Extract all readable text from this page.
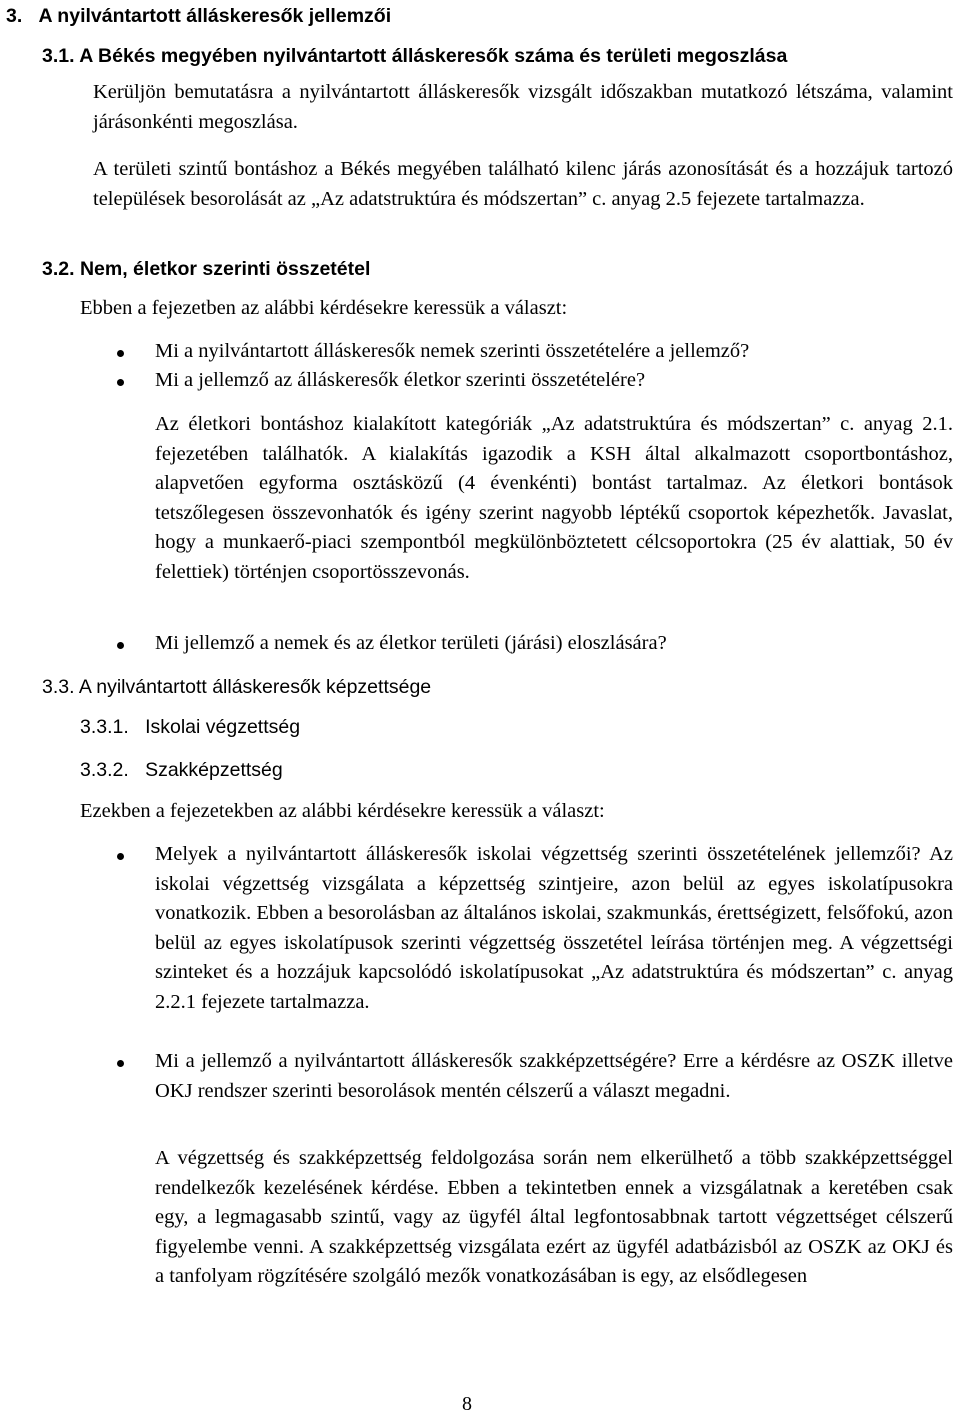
3. A nyilvántartott álláskeresők jellemzői
3.1. A Békés megyében nyilvántartott álláskeresők száma és területi megoszlása
Kerüljön bemutatásra a nyilvántartott álláskeresők vizsgált időszakban mutatkozó létszáma, valamint járásonkénti megoszlása.
A területi szintű bontáshoz a Békés megyében található kilenc járás azonosítását és a hozzájuk tartozó települések besorolását az „Az adatstruktúra és módszertan” c. anyag 2.5 fejezete tartalmazza.
3.2. Nem, életkor szerinti összetétel
Ebben a fejezetben az alábbi kérdésekre keressük a választ:
Mi a nyilvántartott álláskeresők nemek szerinti összetételére a jellemző?
Mi a jellemző az álláskeresők életkor szerinti összetételére?
Az életkori bontáshoz kialakított kategóriák „Az adatstruktúra és módszertan” c. anyag 2.1. fejezetében találhatók. A kialakítás igazodik a KSH által alkalmazott csoportbontáshoz, alapvetően egyforma osztásközű (4 évenkénti) bontást tartalmaz. Az életkori bontások tetszőlegesen összevonhatók és igény szerint nagyobb léptékű csoportok képezhetők. Javaslat, hogy a munkaerő-piaci szempontból megkülönböztetett célcsoportokra (25 év alattiak, 50 év felettiek) történjen csoportösszevonás.
Mi jellemző a nemek és az életkor területi (járási) eloszlására?
3.3. A nyilvántartott álláskeresők képzettsége
3.3.1. Iskolai végzettség
3.3.2. Szakképzettség
Ezekben a fejezetekben az alábbi kérdésekre keressük a választ:
Melyek a nyilvántartott álláskeresők iskolai végzettség szerinti összetételének jellemzői? Az iskolai végzettség vizsgálata a képzettség szintjeire, azon belül az egyes iskolatípusokra vonatkozik. Ebben a besorolásban az általános iskolai, szakmunkás, érettségizett, felsőfokú, azon belül az egyes iskolatípusok szerinti végzettség összetétel leírása történjen meg. A végzettségi szinteket és a hozzájuk kapcsolódó iskolatípusokat „Az adatstruktúra és módszertan” c. anyag 2.2.1 fejezete tartalmazza.
Mi a jellemző a nyilvántartott álláskeresők szakképzettségére? Erre a kérdésre az OSZK illetve OKJ rendszer szerinti besorolások mentén célszerű a választ megadni.
A végzettség és szakképzettség feldolgozása során nem elkerülhető a több szakképzettséggel rendelkezők kezelésének kérdése. Ebben a tekintetben ennek a vizsgálatnak a keretében csak egy, a legmagasabb szintű, vagy az ügyfél által legfontosabbnak tartott végzettséget célszerű figyelembe venni. A szakképzettség vizsgálata ezért az ügyfél adatbázisból az OSZK az OKJ és a tanfolyam rögzítésére szolgáló mezők vonatkozásában is egy, az elsődlegesen
8
